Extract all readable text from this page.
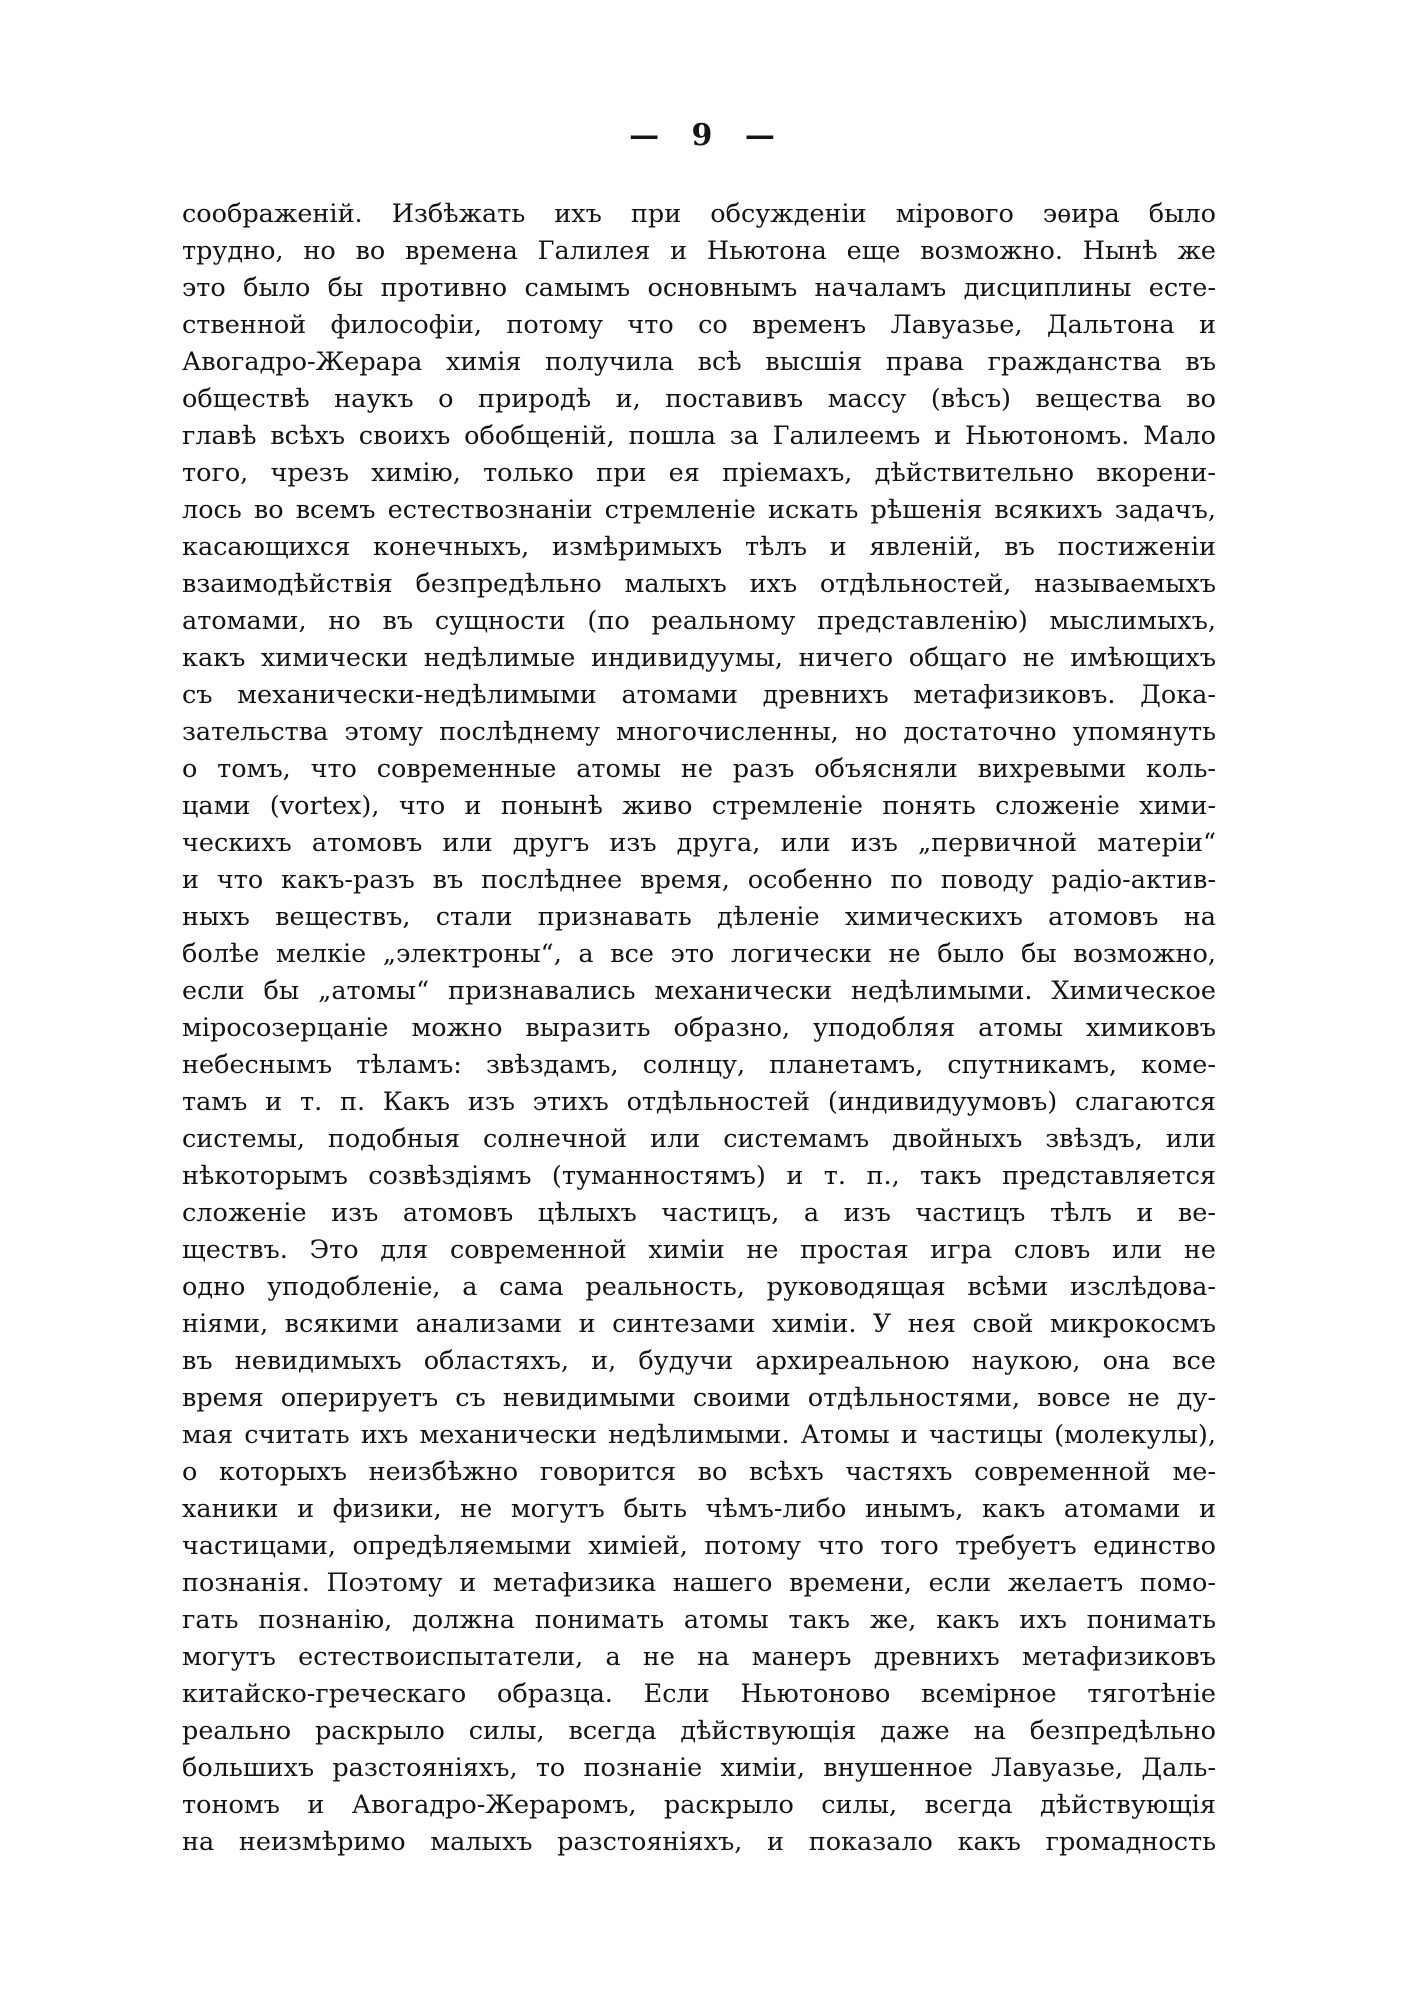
— 9 —
соображеній. Избѣжать ихъ при обсужденіи мірового эѳира было
трудно, но во времена Галилея и Ньютона еще возможно. Нынѣ же
это было бы противно самымъ основнымъ началамъ дисциплины есте-
ственной философіи, потому что со временъ Лавуазье, Дальтона и
Авогадро-Жерара химія получила всѣ высшія права гражданства въ
обществѣ наукъ о природѣ и, поставивъ массу (вѣсъ) вещества во
главѣ всѣхъ своихъ обобщеній, пошла за Галилеемъ и Ньютономъ. Мало
того, чрезъ химію, только при ея пріемахъ, дѣйствительно вкорени-
лось во всемъ естествознаніи стремленіе искать рѣшенія всякихъ задачъ,
касающихся конечныхъ, измѣримыхъ тѣлъ и явленій, въ постиженіи
взаимодѣйствія безпредѣльно малыхъ ихъ отдѣльностей, называемыхъ
атомами, но въ сущности (по реальному представленію) мыслимыхъ,
какъ химически недѣлимые индивидуумы, ничего общаго не имѣющихъ
съ механически-недѣлимыми атомами древнихъ метафизиковъ. Дока-
зательства этому послѣднему многочисленны, но достаточно упомянуть
о томъ, что современные атомы не разъ объясняли вихревыми коль-
цами (vortex), что и понынѣ живо стремленіе понять сложеніе хими-
ческихъ атомовъ или другъ изъ друга, или изъ „первичной матеріи“
и что какъ-разъ въ послѣднее время, особенно по поводу радіо-актив-
ныхъ веществъ, стали признавать дѣленіе химическихъ атомовъ на
болѣе мелкіе „электроны“, а все это логически не было бы возможно,
если бы „атомы“ признавались механически недѣлимыми. Химическое
міросозерцаніе можно выразить образно, уподобляя атомы химиковъ
небеснымъ тѣламъ: звѣздамъ, солнцу, планетамъ, спутникамъ, коме-
тамъ и т. п. Какъ изъ этихъ отдѣльностей (индивидуумовъ) слагаются
системы, подобныя солнечной или системамъ двойныхъ звѣздъ, или
нѣкоторымъ созвѣздіямъ (туманностямъ) и т. п., такъ представляется
сложеніе изъ атомовъ цѣлыхъ частицъ, а изъ частицъ тѣлъ и ве-
ществъ. Это для современной химіи не простая игра словъ или не
одно уподобленіе, а сама реальность, руководящая всѣми изслѣдова-
ніями, всякими анализами и синтезами химіи. У нея свой микрокосмъ
въ невидимыхъ областяхъ, и, будучи архиреальною наукою, она все
время оперируетъ съ невидимыми своими отдѣльностями, вовсе не ду-
мая считать ихъ механически недѣлимыми. Атомы и частицы (молекулы),
о которыхъ неизбѣжно говорится во всѣхъ частяхъ современной ме-
ханики и физики, не могутъ быть чѣмъ-либо инымъ, какъ атомами и
частицами, опредѣляемыми химіей, потому что того требуетъ единство
познанія. Поэтому и метафизика нашего времени, если желаетъ помо-
гать познанію, должна понимать атомы такъ же, какъ ихъ понимать
могутъ естествоиспытатели, а не на манеръ древнихъ метафизиковъ
китайско-греческаго образца. Если Ньютоново всемірное тяготѣніе
реально раскрыло силы, всегда дѣйствующія даже на безпредѣльно
большихъ разстояніяхъ, то познаніе химіи, внушенное Лавуазье, Даль-
тономъ и Авогадро-Жераромъ, раскрыло силы, всегда дѣйствующія
на неизмѣримо малыхъ разстояніяхъ, и показало какъ громадность
